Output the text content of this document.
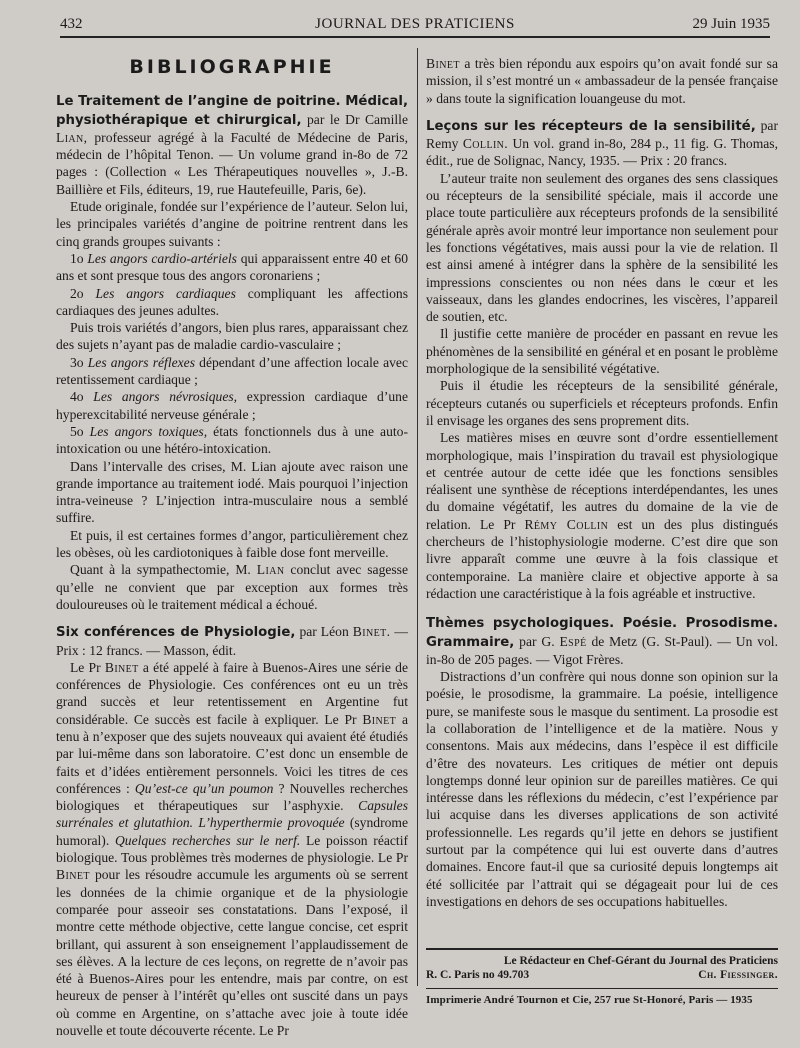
432	JOURNAL DES PRATICIENS	29 Juin 1935
BIBLIOGRAPHIE

Le Traitement de l’angine de poitrine. Médical, physiothérapique et chirurgical, par le Dr Camille Lian, professeur agrégé à la Faculté de Médecine de Paris, médecin de l’hôpital Tenon. — Un volume grand in-8o de 72 pages : (Collection « Les Thérapeutiques nouvelles », J.-B. Baillière et Fils, éditeurs, 19, rue Hautefeuille, Paris, 6e).

Etude originale, fondée sur l’expérience de l’auteur. Selon lui, les principales variétés d’angine de poitrine rentrent dans les cinq grands groupes suivants :

1o Les angors cardio-artériels qui apparaissent entre 40 et 60 ans et sont presque tous des angors coronariens ;

2o Les angors cardiaques compliquant les affections cardiaques des jeunes adultes.

Puis trois variétés d’angors, bien plus rares, apparaissant chez des sujets n’ayant pas de maladie cardio-vasculaire ;

3o Les angors réflexes dépendant d’une affection locale avec retentissement cardiaque ;

4o Les angors névrosiques, expression cardiaque d’une hyperexcitabilité nerveuse générale ;

5o Les angors toxiques, états fonctionnels dus à une auto-intoxication ou une hétéro-intoxication.

Dans l’intervalle des crises, M. Lian ajoute avec raison une grande importance au traitement iodé. Mais pourquoi l’injection intra-veineuse ? L’injection intra-musculaire nous a semblé suffire.

Et puis, il est certaines formes d’angor, particulièrement chez les obèses, où les cardiotoniques à faible dose font merveille.

Quant à la sympathectomie, M. Lian conclut avec sagesse qu’elle ne convient que par exception aux formes très douloureuses où le traitement médical a échoué.

Six conférences de Physiologie, par Léon Binet. — Prix : 12 francs. — Masson, édit.

Le Pr Binet a été appelé à faire à Buenos-Aires une série de conférences de Physiologie. Ces conférences ont eu un très grand succès et leur retentissement en Argentine fut considérable. Ce succès est facile à expliquer. Le Pr Binet a tenu à n’exposer que des sujets nouveaux qui avaient été étudiés par lui-même dans son laboratoire. C’est donc un ensemble de faits et d’idées entièrement personnels. Voici les titres de ces conférences : Qu’est-ce qu’un poumon ? Nouvelles recherches biologiques et thérapeutiques sur l’asphyxie. Capsules surrénales et glutathion. L’hyperthermie provoquée (syndrome humoral). Quelques recherches sur le nerf. Le poisson réactif biologique. Tous problèmes très modernes de physiologie. Le Pr Binet pour les résoudre accumule les arguments où se serrent les données de la chimie organique et de la physiologie comparée pour asseoir ses constatations. Dans l’exposé, il montre cette méthode objective, cette langue concise, cet esprit brillant, qui assurent à son enseignement l’applaudissement de ses élèves. A la lecture de ces leçons, on regrette de n’avoir pas été à Buenos-Aires pour les entendre, mais par contre, on est heureux de penser à l’intérêt qu’elles ont suscité dans un pays où comme en Argentine, on s’attache avec joie à toute idée nouvelle et toute découverte récente. Le Pr

Binet a très bien répondu aux espoirs qu’on avait fondé sur sa mission, il s’est montré un « ambassadeur de la pensée française » dans toute la signification louangeuse du mot.

Leçons sur les récepteurs de la sensibilité, par Remy Collin. Un vol. grand in-8o, 284 p., 11 fig. G. Thomas, édit., rue de Solignac, Nancy, 1935. — Prix : 20 francs.

L’auteur traite non seulement des organes des sens classiques ou récepteurs de la sensibilité spéciale, mais il accorde une place toute particulière aux récepteurs profonds de la sensibilité générale après avoir montré leur importance non seulement pour les fonctions végétatives, mais aussi pour la vie de relation. Il est ainsi amené à intégrer dans la sphère de la sensibilité les impressions conscientes ou non nées dans le cœur et les vaisseaux, dans les glandes endocrines, les viscères, l’appareil de soutien, etc.

Il justifie cette manière de procéder en passant en revue les phénomènes de la sensibilité en général et en posant le problème morphologique de la sensibilité végétative.

Puis il étudie les récepteurs de la sensibilité générale, récepteurs cutanés ou superficiels et récepteurs profonds. Enfin il envisage les organes des sens proprement dits.

Les matières mises en œuvre sont d’ordre essentiellement morphologique, mais l’inspiration du travail est physiologique et centrée autour de cette idée que les fonctions sensibles réalisent une synthèse de réceptions interdépendantes, les unes du domaine végétatif, les autres du domaine de la vie de relation. Le Pr Rémy Collin est un des plus distingués chercheurs de l’histophysiologie moderne. C’est dire que son livre apparaît comme une œuvre à la fois classique et contemporaine. La manière claire et objective apporte à sa rédaction une caractéristique à la fois agréable et instructive.

Thèmes psychologiques. Poésie. Prosodisme. Grammaire, par G. Espé de Metz (G. St-Paul). — Un vol. in-8o de 205 pages. — Vigot Frères.

Distractions d’un confrère qui nous donne son opinion sur la poésie, le prosodisme, la grammaire. La poésie, intelligence pure, se manifeste sous le masque du sentiment. La prosodie est la collaboration de l’intelligence et de la matière. Nous y consentons. Mais aux médecins, dans l’espèce il est difficile d’être des novateurs. Les critiques de métier ont depuis longtemps donné leur opinion sur de pareilles matières. Ce qui intéresse dans les réflexions du médecin, c’est l’expérience par lui acquise dans les diverses applications de son activité professionnelle. Les regards qu’il jette en dehors se justifient surtout par la compétence qui lui est ouverte dans d’autres domaines. Encore faut-il que sa curiosité depuis longtemps ait été sollicitée par l’attrait qui se dégageait pour lui de ces investigations en dehors de ses occupations habituelles.

Le Rédacteur en Chef-Gérant du Journal des Praticiens
R. C. Paris no 49.703	Ch. Fiessinger.
Imprimerie André Tournon et Cie, 257 rue St-Honoré, Paris — 1935
